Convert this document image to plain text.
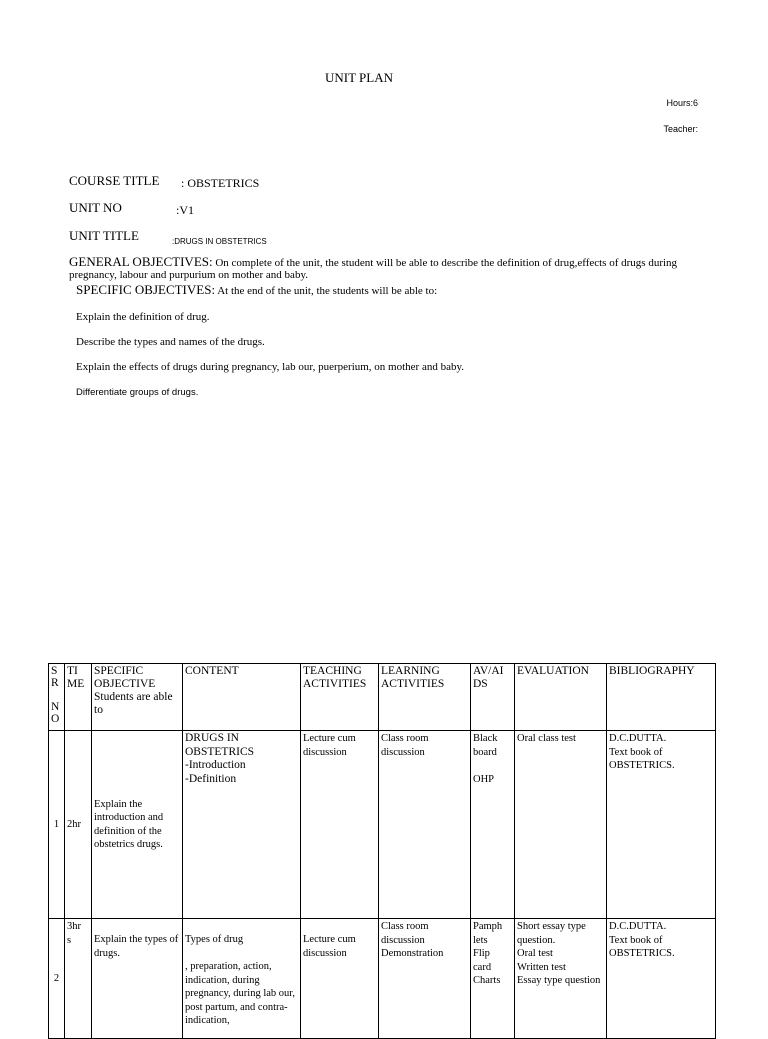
UNIT PLAN
Hours:6
Teacher:
COURSE TITLE : OBSTETRICS
UNIT NO	:V1
UNIT TITLE	:DRUGS IN OBSTETRICS
GENERAL OBJECTIVES: On complete of the unit, the student will be able to describe the definition of drug,effects of drugs during pregnancy, labour and purpurium on mother and baby.
SPECIFIC OBJECTIVES: At the end of the unit, the students will be able to:
Explain the definition of drug.
Describe the types and names of the drugs.
Explain the effects of drugs during pregnancy, lab our, puerperium, on mother and baby.
Differentiate groups of drugs.
S
R

N
O	TI
ME	SPECIFIC
OBJECTIVE
Students are able
to	CONTENT	TEACHING
ACTIVITIES	LEARNING
ACTIVITIES	AV/AI
DS	EVALUATION	BIBLIOGRAPHY
1	2hr	Explain the introduction and definition of the obstetrics drugs.	DRUGS IN
OBSTETRICS
-Introduction
-Definition	Lecture cum discussion	Class room discussion	Black
board

OHP	Oral class test	D.C.DUTTA.
Text book of
OBSTETRICS.
2	3hr
s	Explain the types of drugs.	Types of drug

, preparation, action, indication, during pregnancy, during lab our, post partum, and contra-indication,	Lecture cum discussion	Class room discussion
Demonstration	Pamph
lets
Flip
card
Charts	Short essay type question.
Oral test
Written test
Essay type question	D.C.DUTTA.
Text book of
OBSTETRICS.
